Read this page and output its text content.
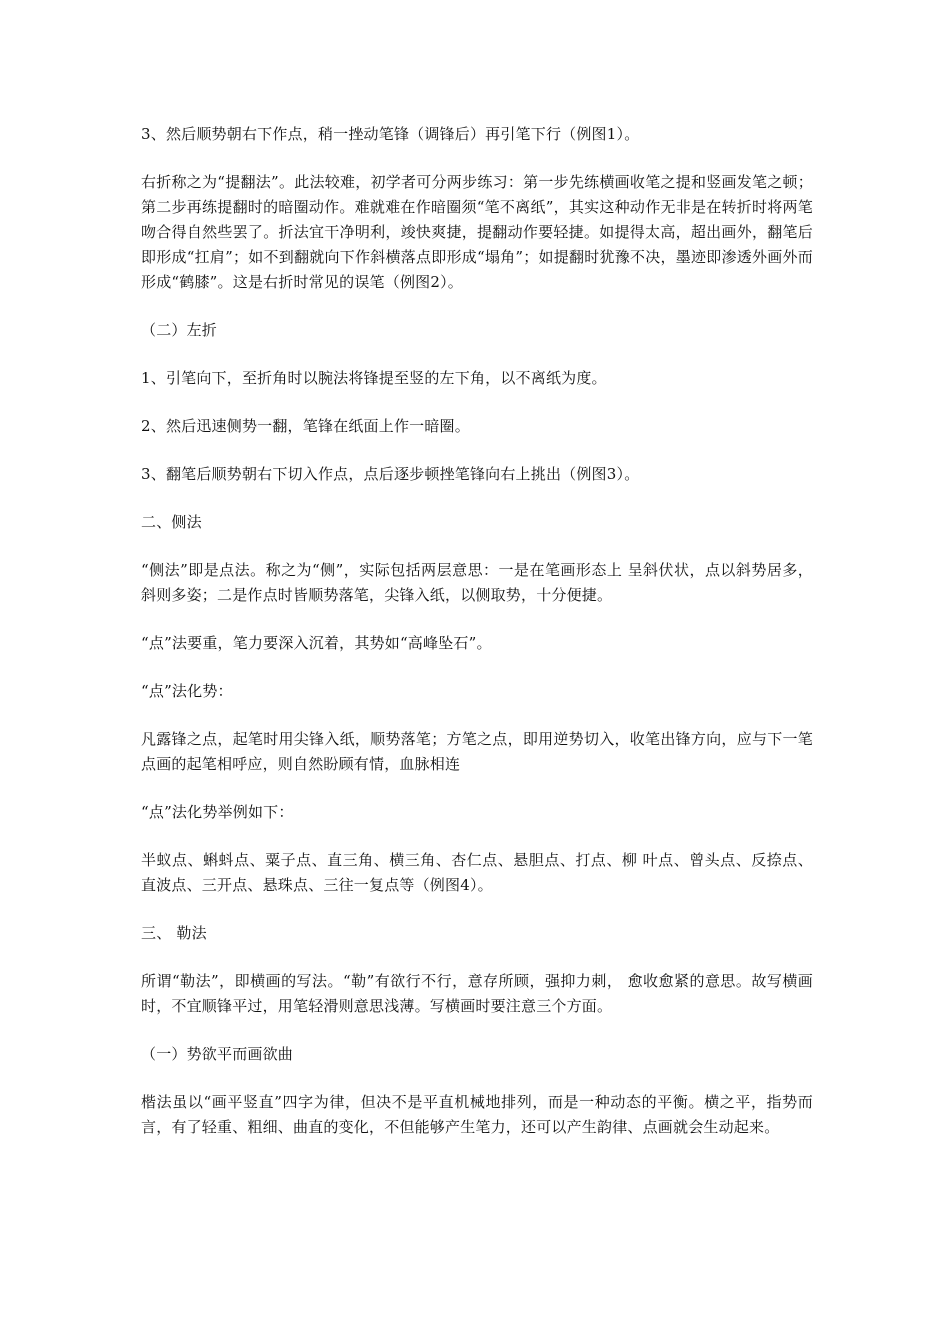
3、然后顺势朝右下作点，稍一挫动笔锋（调锋后）再引笔下行（例图1）。

右折称之为“提翻法”。此法较难，初学者可分两步练习：第一步先练横画收笔之提和竖画发笔之顿；第二步再练提翻时的暗圈动作。难就难在作暗圈须“笔不离纸”，其实这种动作无非是在转折时将两笔吻合得自然些罢了。折法宜干净明利，竣快爽捷，提翻动作要轻捷。如提得太高，超出画外，翻笔后即形成“扛肩”；如不到翻就向下作斜横落点即形成“塌角”；如提翻时犹豫不决，墨迹即渗透外画外而形成“鹤膝”。这是右折时常见的误笔（例图2）。

（二）左折

1、引笔向下，至折角时以腕法将锋提至竖的左下角，以不离纸为度。

2、然后迅速侧势一翻，笔锋在纸面上作一暗圈。

3、翻笔后顺势朝右下切入作点，点后逐步顿挫笔锋向右上挑出（例图3）。

二、侧法

“侧法”即是点法。称之为“侧”，实际包括两层意思：一是在笔画形态上 呈斜伏状，点以斜势居多，斜则多姿；二是作点时皆顺势落笔，尖锋入纸，以侧取势，十分便捷。

“点”法要重，笔力要深入沉着，其势如“高峰坠石”。

“点”法化势：

凡露锋之点，起笔时用尖锋入纸，顺势落笔；方笔之点，即用逆势切入，收笔出锋方向，应与下一笔点画的起笔相呼应，则自然盼顾有情，血脉相连

“点”法化势举例如下：

半蚁点、蝌蚪点、粟子点、直三角、横三角、杏仁点、悬胆点、打点、柳 叶点、曾头点、反捺点、直波点、三开点、悬珠点、三往一复点等（例图4）。

三、 勒法

所谓“勒法”，即横画的写法。“勒”有欲行不行，意存所顾，强抑力刺， 愈收愈紧的意思。故写横画时，不宜顺锋平过，用笔轻滑则意思浅薄。写横画时要注意三个方面。

（一）势欲平而画欲曲

楷法虽以“画平竖直”四字为律，但决不是平直机械地排列，而是一种动态的平衡。横之平，指势而言，有了轻重、粗细、曲直的变化，不但能够产生笔力，还可以产生韵律、点画就会生动起来。
